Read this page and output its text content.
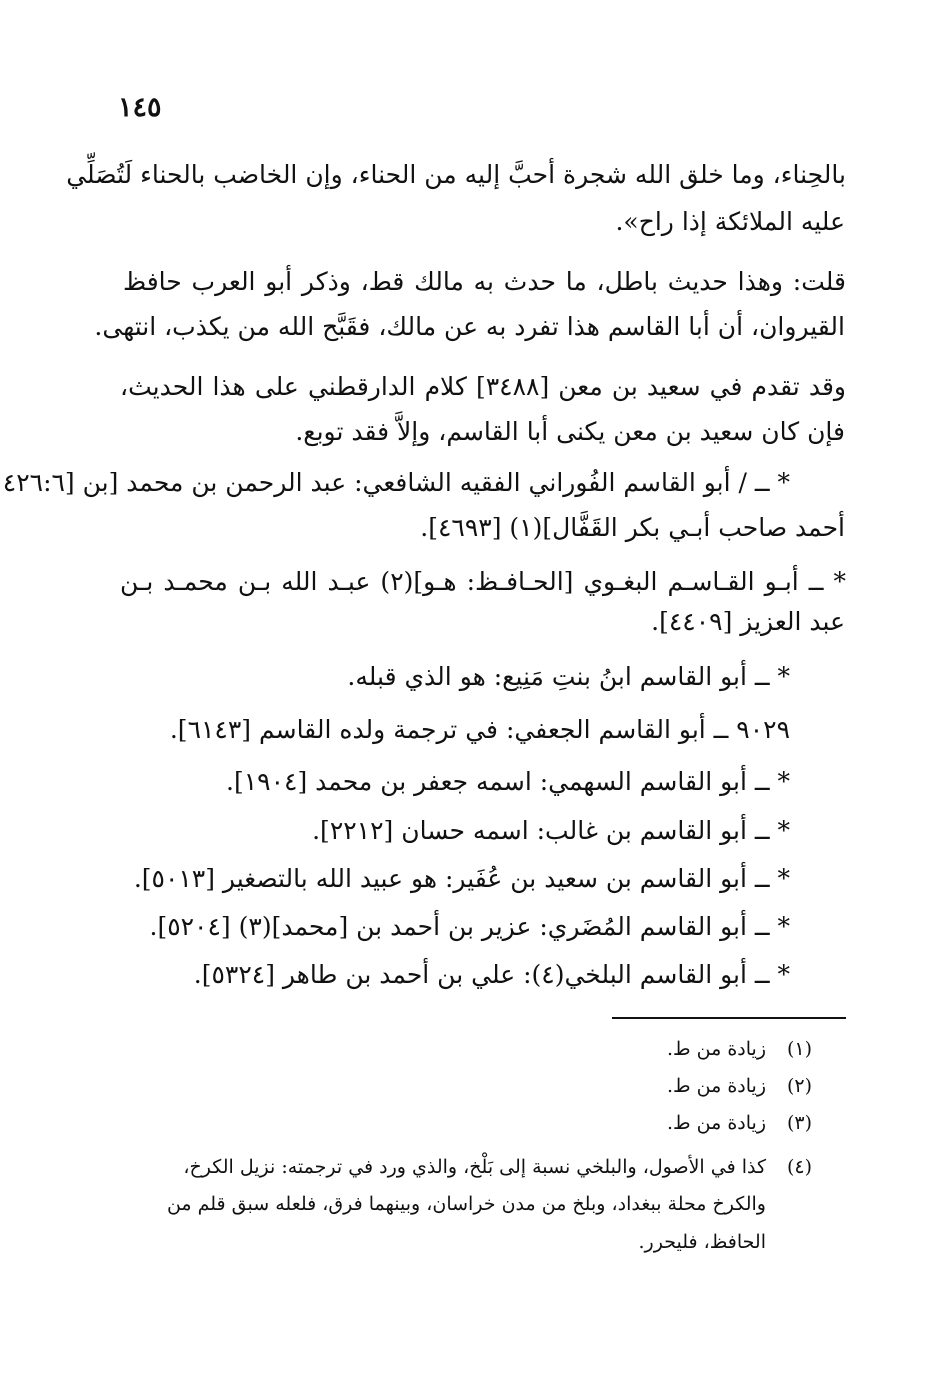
١٤٥
بالحِناء، وما خلق الله شجرة أحبَّ إليه من الحناء، وإن الخاضب بالحناء لَتُصَلِّي
عليه الملائكة إذا راح».
قلت: وهذا حديث باطل، ما حدث به مالك قط، وذكر أبو العرب حافظ
القيروان، أن أبا القاسم هذا تفرد به عن مالك، فقَبَّح الله من يكذب، انتهى.
وقد تقدم في سعيد بن معن [٣٤٨٨] كلام الدارقطني على هذا الحديث،
فإن كان سعيد بن معن يكنى أبا القاسم، وإلاَّ فقد توبع.
* ــ / أبو القاسم الفُوراني الفقيه الشافعي: عبد الرحمن بن محمد [بن [٤٢٦:٦
أحمد صاحب أبـي بكر القَفَّال](١) [٤٦٩٣].
* ــ أبـو القـاسـم البغـوي [الحـافـظ: هـو](٢) عبـد الله بـن محمـد بـن
عبد العزيز [٤٤٠٩].
* ــ أبو القاسم ابنُ بنتِ مَنِيع: هو الذي قبله.
٩٠٢٩ ــ أبو القاسم الجعفي: في ترجمة ولده القاسم [٦١٤٣].
* ــ أبو القاسم السهمي: اسمه جعفر بن محمد [١٩٠٤].
* ــ أبو القاسم بن غالب: اسمه حسان [٢٢١٢].
* ــ أبو القاسم بن سعيد بن عُفَير: هو عبيد الله بالتصغير [٥٠١٣].
* ــ أبو القاسم المُضَري: عزير بن أحمد بن [محمد](٣) [٥٢٠٤].
* ــ أبو القاسم البلخي(٤): علي بن أحمد بن طاهر [٥٣٢٤].
(١)زيادة من ط.
(٢)زيادة من ط.
(٣)زيادة من ط.
(٤)كذا في الأصول، والبلخي نسبة إلى بَلْخ، والذي ورد في ترجمته: نزيل الكرخ،
والكرخ محلة ببغداد، وبلخ من مدن خراسان، وبينهما فرق، فلعله سبق قلم من
الحافظ، فليحرر.
